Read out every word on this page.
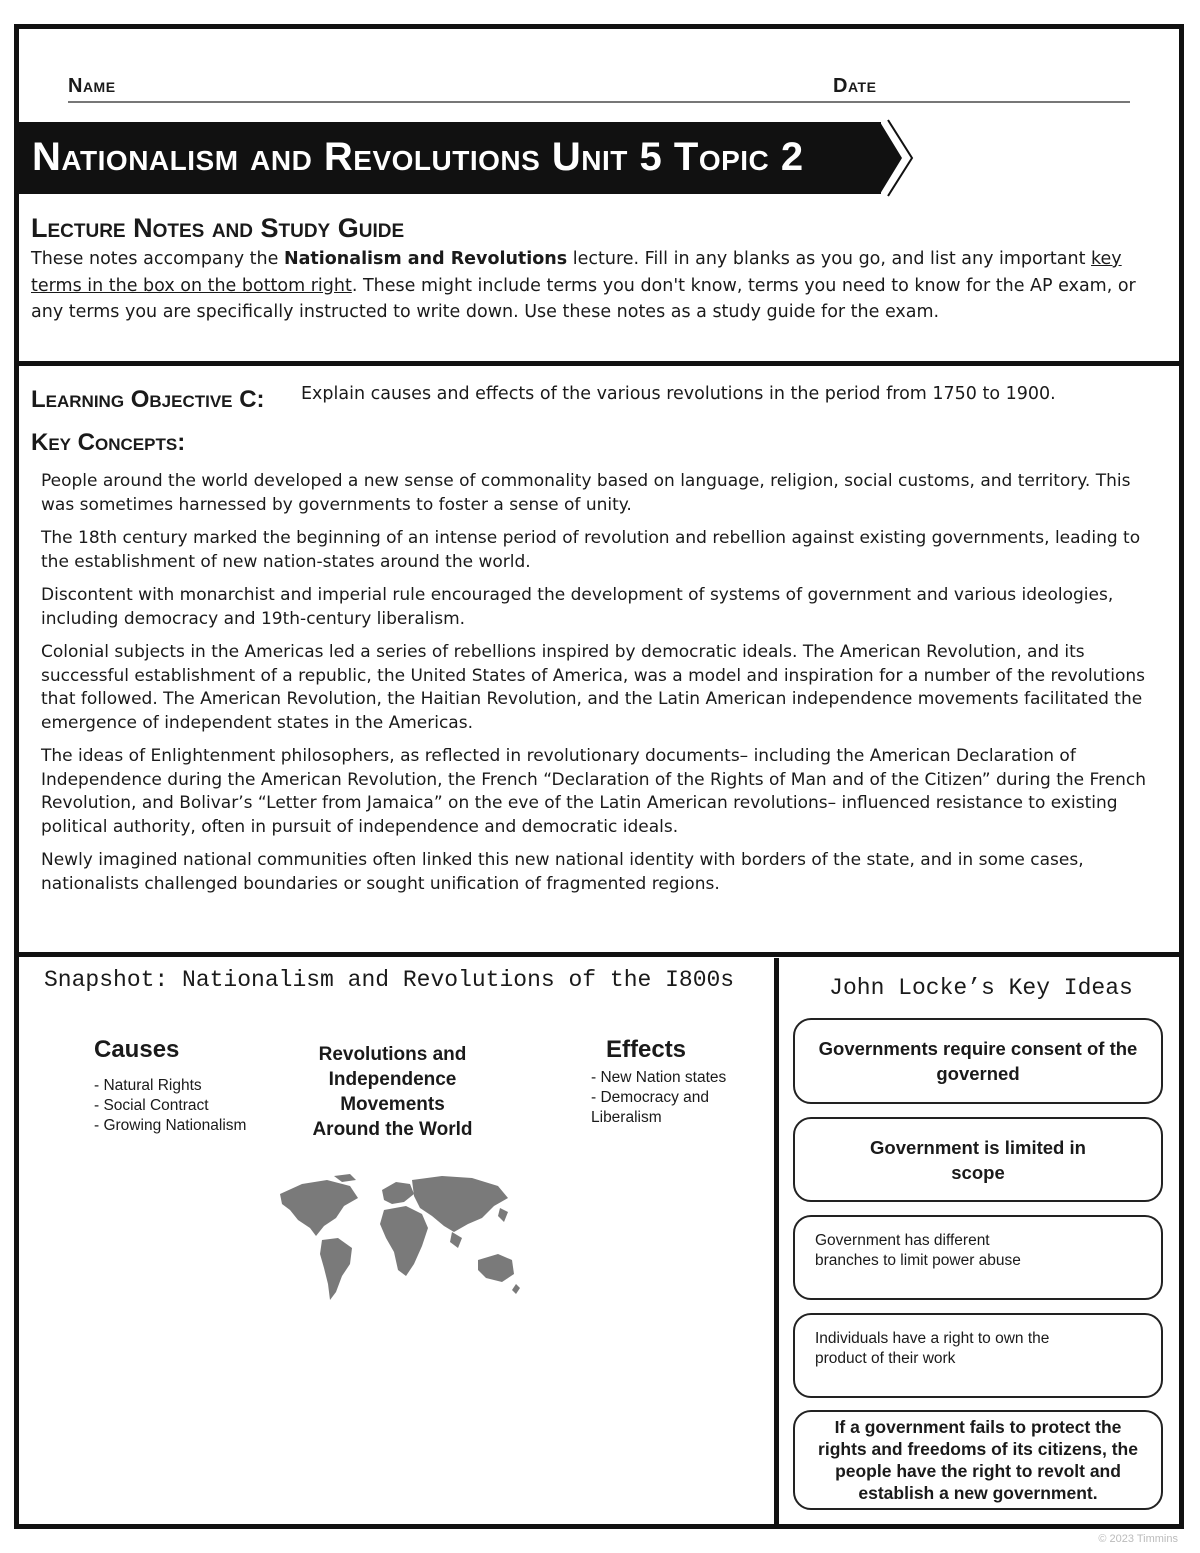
Name	Date
Nationalism and Revolutions Unit 5 Topic 2
Lecture Notes and Study Guide
These notes accompany the Nationalism and Revolutions lecture. Fill in any blanks as you go, and list any important key terms in the box on the bottom right. These might include terms you don't know, terms you need to know for the AP exam, or any terms you are specifically instructed to write down. Use these notes as a study guide for the exam.
Learning Objective C: Explain causes and effects of the various revolutions in the period from 1750 to 1900.
Key Concepts:
People around the world developed a new sense of commonality based on language, religion, social customs, and territory. This was sometimes harnessed by governments to foster a sense of unity.
The 18th century marked the beginning of an intense period of revolution and rebellion against existing governments, leading to the establishment of new nation-states around the world.
Discontent with monarchist and imperial rule encouraged the development of systems of government and various ideologies, including democracy and 19th-century liberalism.
Colonial subjects in the Americas led a series of rebellions inspired by democratic ideals. The American Revolution, and its successful establishment of a republic, the United States of America, was a model and inspiration for a number of the revolutions that followed. The American Revolution, the Haitian Revolution, and the Latin American independence movements facilitated the emergence of independent states in the Americas.
The ideas of Enlightenment philosophers, as reflected in revolutionary documents– including the American Declaration of Independence during the American Revolution, the French “Declaration of the Rights of Man and of the Citizen” during the French Revolution, and Bolivar’s “Letter from Jamaica” on the eve of the Latin American revolutions– influenced resistance to existing political authority, often in pursuit of independence and democratic ideals.
Newly imagined national communities often linked this new national identity with borders of the state, and in some cases, nationalists challenged boundaries or sought unification of fragmented regions.
Snapshot: Nationalism and Revolutions of the I800s
Causes
- Natural Rights
- Social Contract
- Growing Nationalism
Revolutions and
Independence
Movements
Around the World
Effects
- New Nation states
- Democracy and
Liberalism
John Locke’s Key Ideas
Governments require consent of the governed
Government is limited in scope
Government has different branches to limit power abuse
Individuals have a right to own the product of their work
If a government fails to protect the rights and freedoms of its citizens, the people have the right to revolt and establish a new government.
© 2023 Timmins
